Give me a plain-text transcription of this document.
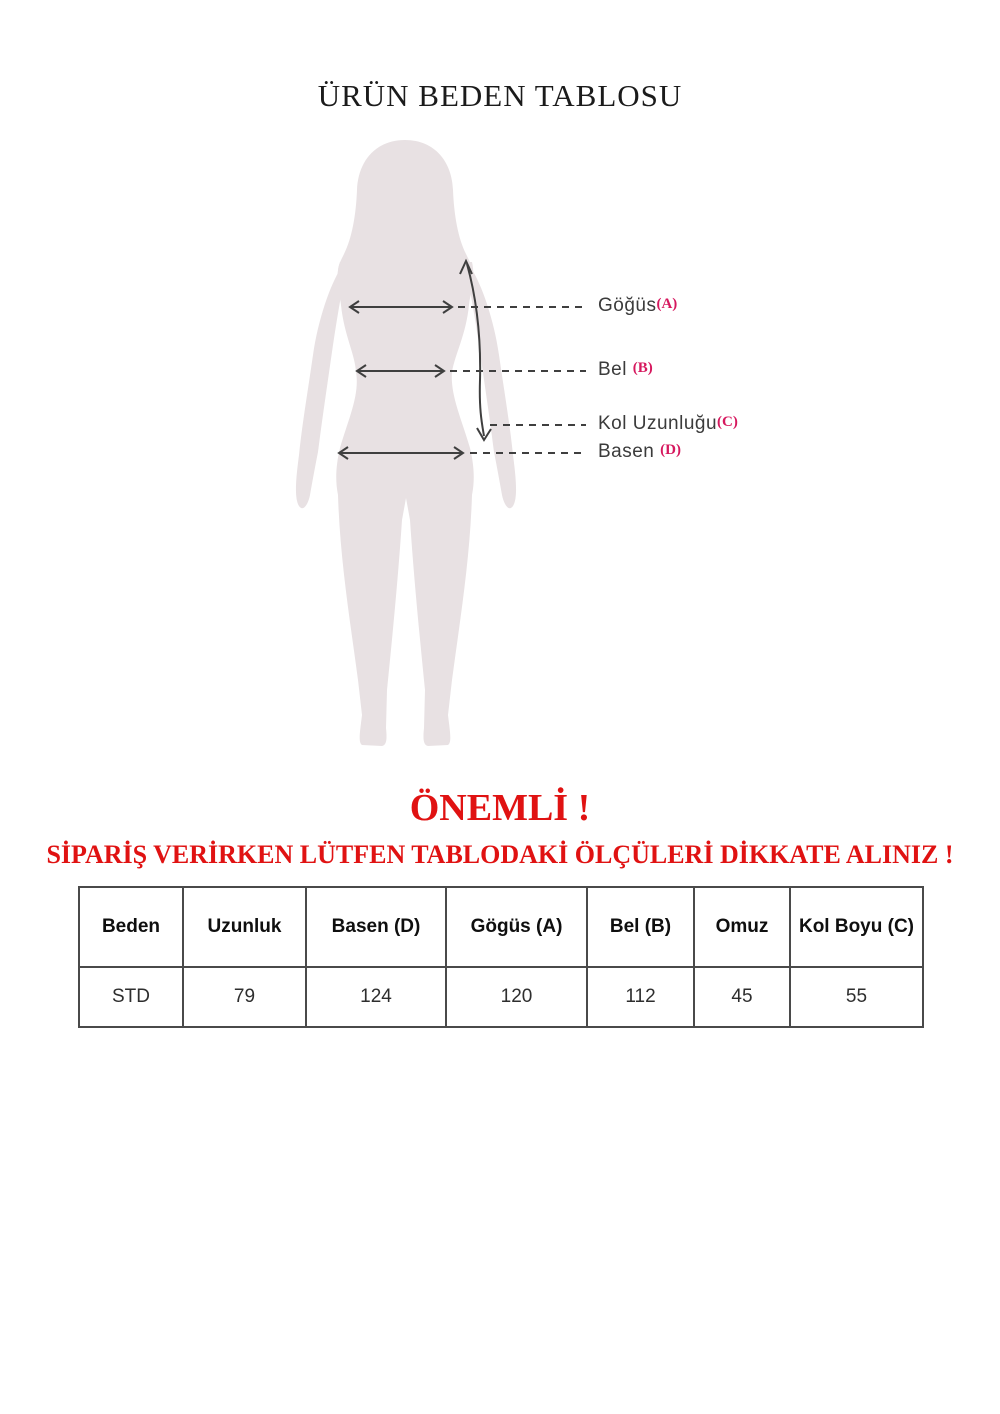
ÜRÜN BEDEN TABLOSU
Göğüs(A)
Bel (B)
Kol Uzunluğu(C)
Basen (D)
ÖNEMLİ !
SİPARİŞ VERİRKEN LÜTFEN TABLODAKİ ÖLÇÜLERİ DİKKATE ALINIZ !
Beden	Uzunluk	Basen (D)	Gögüs (A)	Bel (B)	Omuz	Kol Boyu (C)
STD	79	124	120	112	45	55
